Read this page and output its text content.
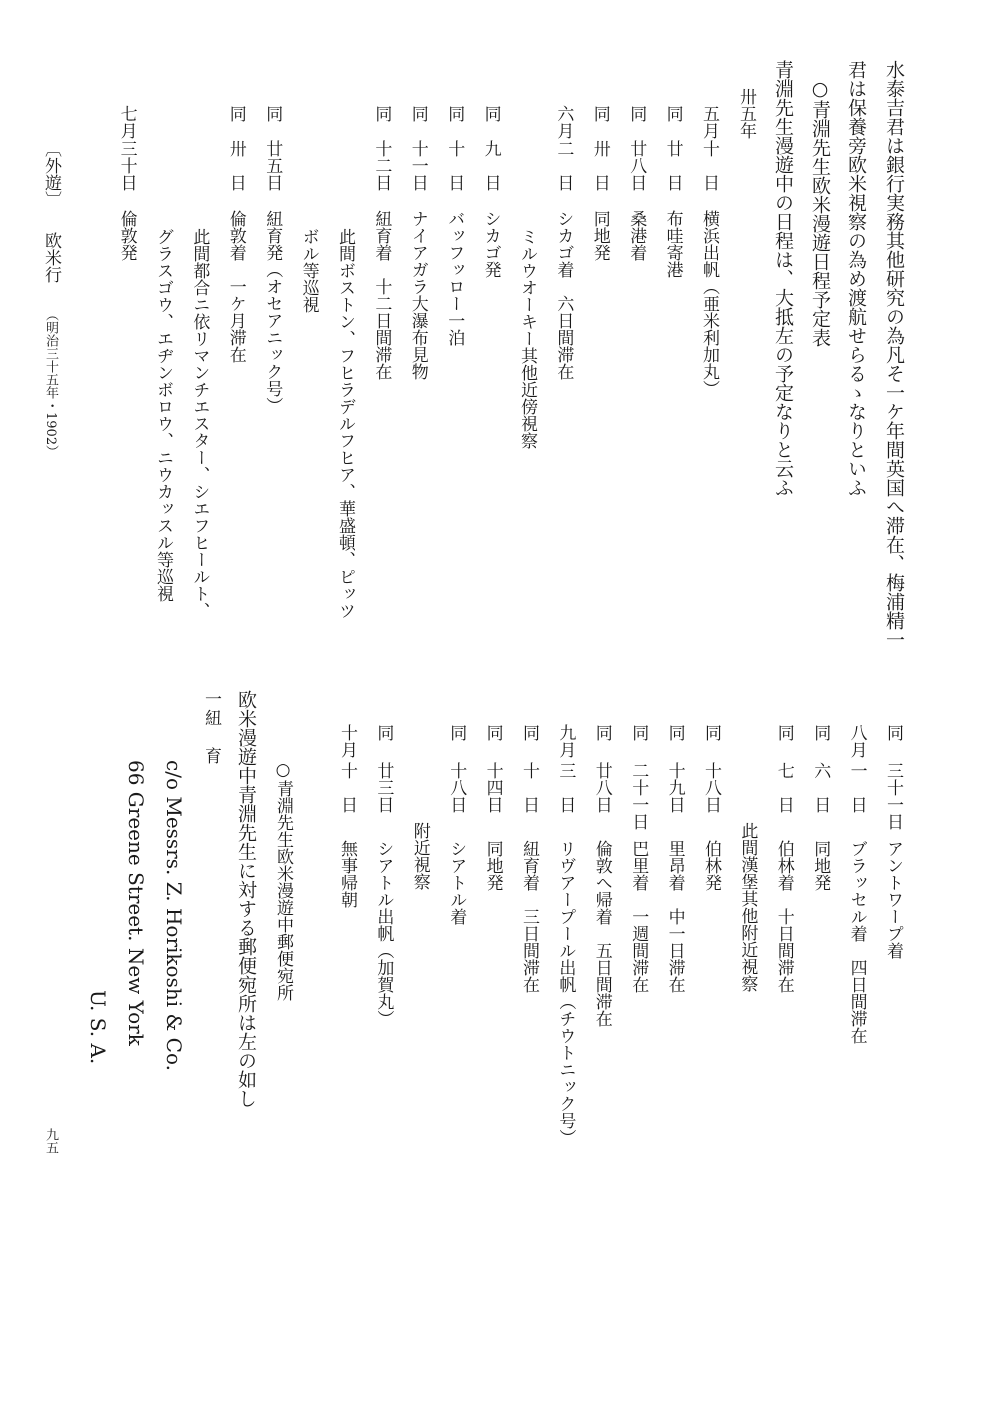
水泰吉君は銀行実務其他研究の為凡そ一ケ年間英国へ滞在、梅浦精一
君は保養旁欧米視察の為め渡航せらるゝなりといふ
○青淵先生欧米漫遊日程予定表
青淵先生漫遊中の日程は、大抵左の予定なりと云ふ
卅五年
五月
十　日
横浜出帆（亜米利加丸）
同
廿　日
布哇寄港
同
廿八日
桑港着
同
卅　日
同地発
六月
二　日
シカゴ着　六日間滞在
ミルウオーキー其他近傍視察
同
九　日
シカゴ発
同
十　日
バッフッロー一泊
同
十一日
ナイアガラ大瀑布見物
同
十二日
紐育着　十二日間滞在
此間ボストン、フヒラデルフヒア、華盛頓、ピッツ
ボル等巡視
同
廿五日
紐育発（オセアニック号）
同
卅　日
倫敦着　一ケ月滞在
此間都合ニ依リマンチエスター、シエフヒールト、
グラスゴウ、エヂンボロウ、ニウカッスル等巡視
七月
三十日
倫敦発
同
三十一日
アントワープ着
八月
一　日
ブラッセル着　四日間滞在
同
六　日
同地発
同
七　日
伯林着　十日間滞在
此間漢堡其他附近視察
同
十八日
伯林発
同
十九日
里昂着　中一日滞在
同
二十一日
巴里着　一週間滞在
同
廿八日
倫敦へ帰着　五日間滞在
九月
三　日
リヴアープール出帆（チウトニック号）
同
十　日
紐育着　三日間滞在
同
十四日
同地発
同
十八日
シアトル着
附近視察
同
廿三日
シアトル出帆（加賀丸）
十月
十　日
無事帰朝
○青淵先生欧米漫遊中郵便宛所
欧米漫遊中青淵先生に対する郵便宛所は左の如し
一紐　育
c/o Messrs. Z. Horikoshi & Co.
66 Greene Street. New York
U. S. A.
〔外遊〕
欧米行
（明治三十五年・1902）
九五
